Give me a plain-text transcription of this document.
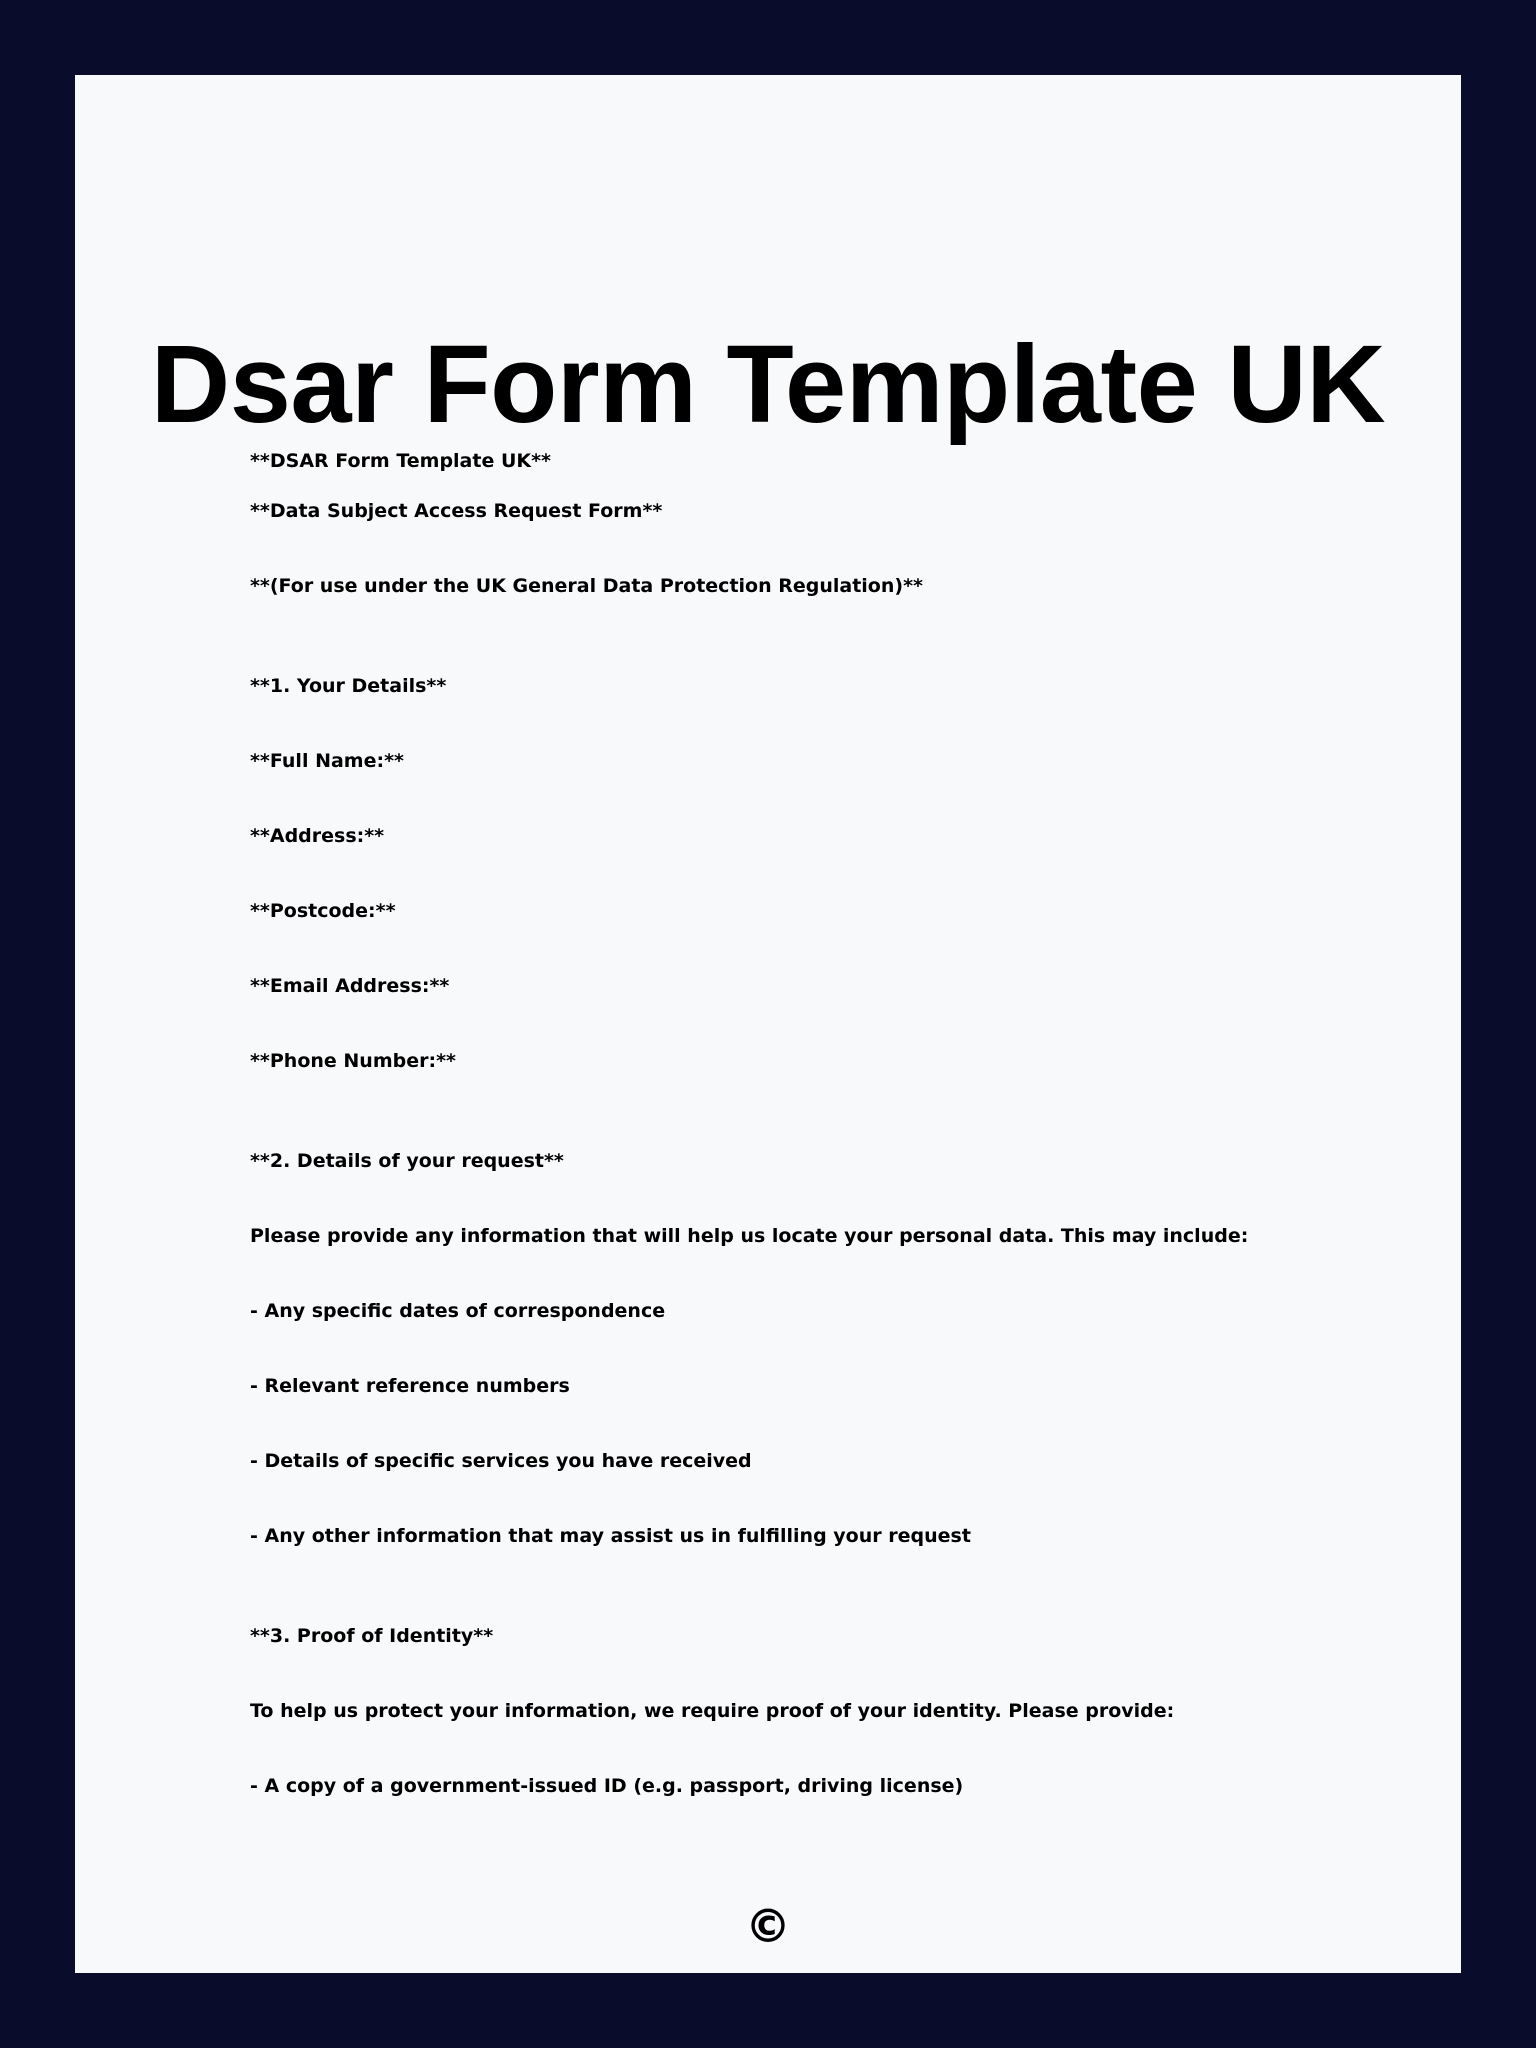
Dsar Form Template UK
**DSAR Form Template UK**
**Data Subject Access Request Form**
**(For use under the UK General Data Protection Regulation)**
**1. Your Details**
**Full Name:**
**Address:**
**Postcode:**
**Email Address:**
**Phone Number:**
**2. Details of your request**
Please provide any information that will help us locate your personal data. This may include:
- Any specific dates of correspondence
- Relevant reference numbers
- Details of specific services you have received
- Any other information that may assist us in fulfilling your request
**3. Proof of Identity**
To help us protect your information, we require proof of your identity. Please provide:
- A copy of a government-issued ID (e.g. passport, driving license)
©
